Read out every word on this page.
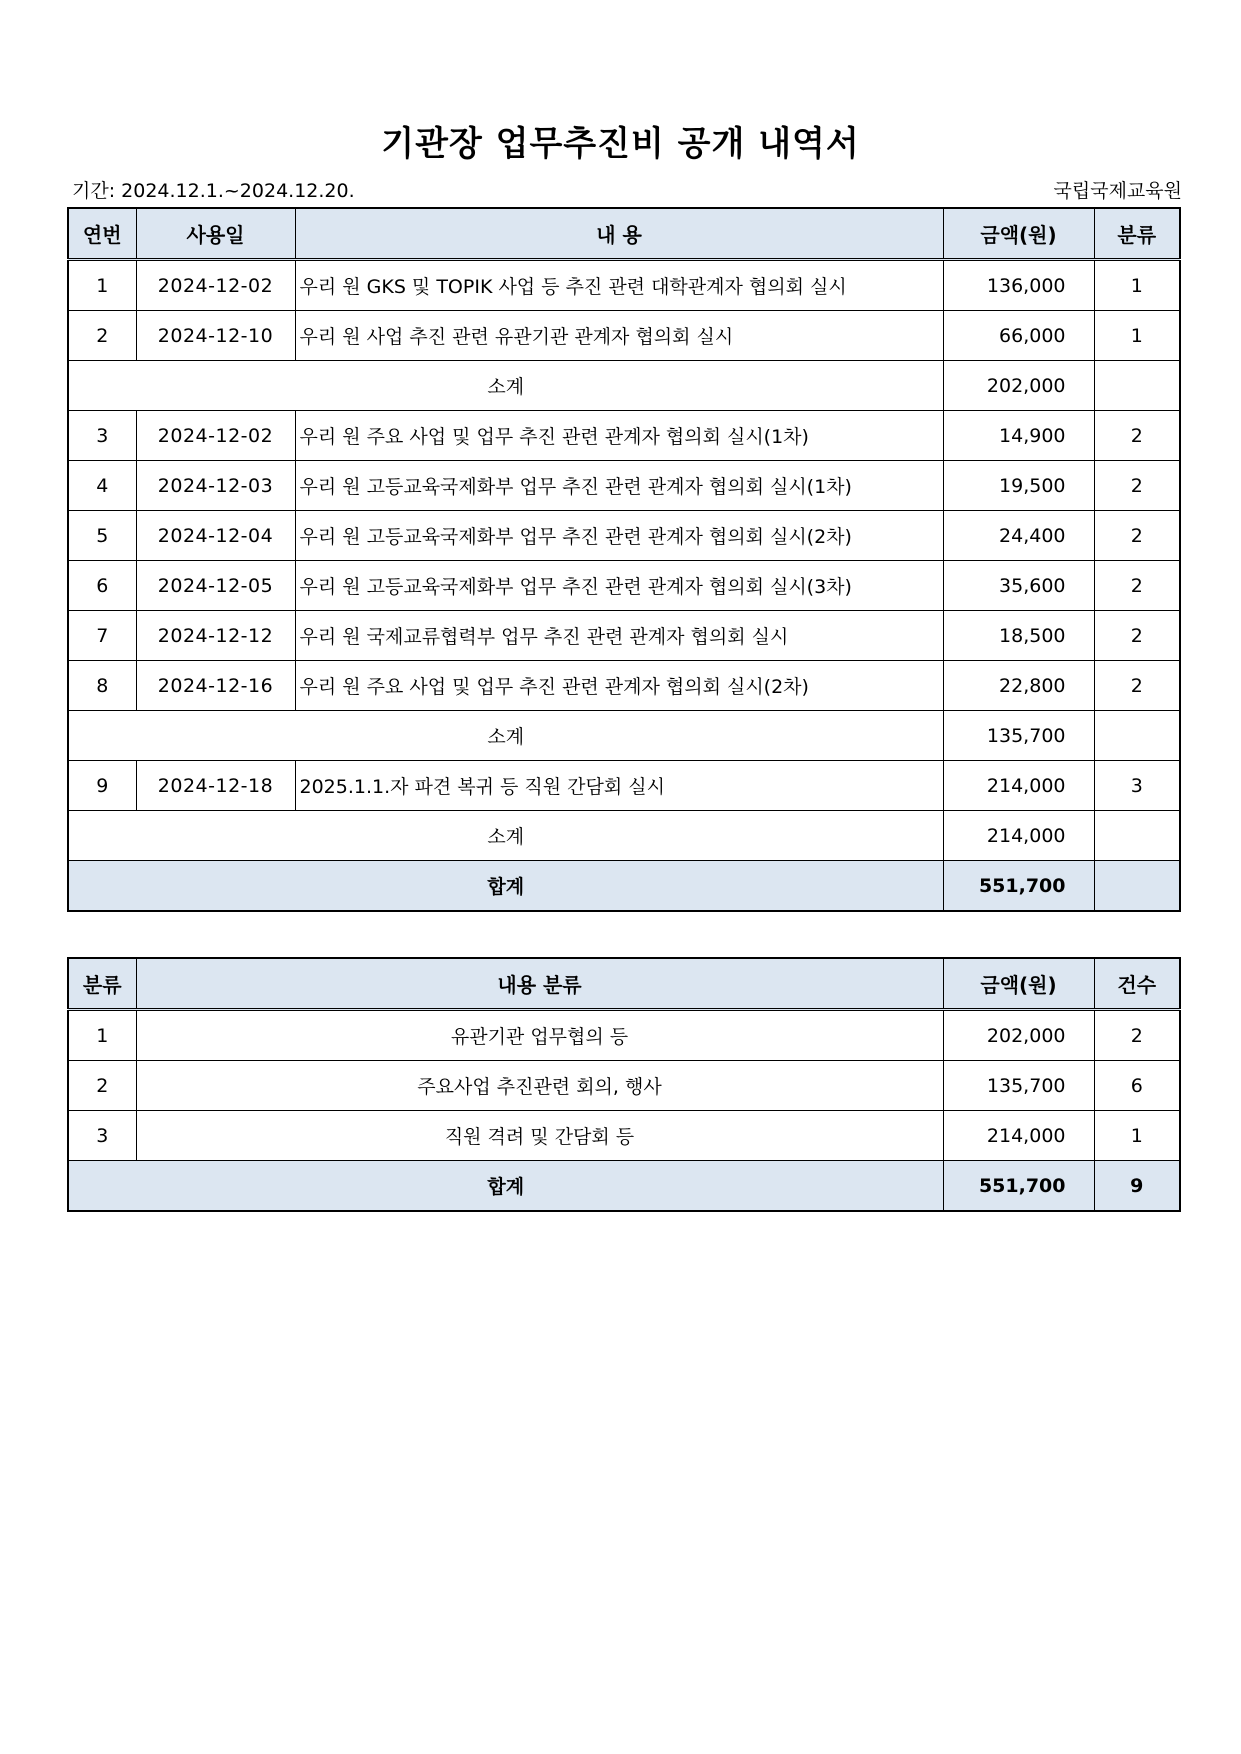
기관장 업무추진비 공개 내역서
기간: 2024.12.1.~2024.12.20.	국립국제교육원
연번	사용일	내 용	금액(원)	분류
1	2024-12-02	우리 원 GKS 및 TOPIK 사업 등 추진 관련 대학관계자 협의회 실시	136,000	1
2	2024-12-10	우리 원 사업 추진 관련 유관기관 관계자 협의회 실시	66,000	1
소계			202,000	
3	2024-12-02	우리 원 주요 사업 및 업무 추진 관련 관계자 협의회 실시(1차)	14,900	2
4	2024-12-03	우리 원 고등교육국제화부 업무 추진 관련 관계자 협의회 실시(1차)	19,500	2
5	2024-12-04	우리 원 고등교육국제화부 업무 추진 관련 관계자 협의회 실시(2차)	24,400	2
6	2024-12-05	우리 원 고등교육국제화부 업무 추진 관련 관계자 협의회 실시(3차)	35,600	2
7	2024-12-12	우리 원 국제교류협력부 업무 추진 관련 관계자 협의회 실시	18,500	2
8	2024-12-16	우리 원 주요 사업 및 업무 추진 관련 관계자 협의회 실시(2차)	22,800	2
소계			135,700	
9	2024-12-18	2025.1.1.자 파견 복귀 등 직원 간담회 실시	214,000	3
소계			214,000	
합계			551,700	
분류	내용 분류	금액(원)	건수
1	유관기관 업무협의 등	202,000	2
2	주요사업 추진관련 회의, 행사	135,700	6
3	직원 격려 및 간담회 등	214,000	1
합계		551,700	9
